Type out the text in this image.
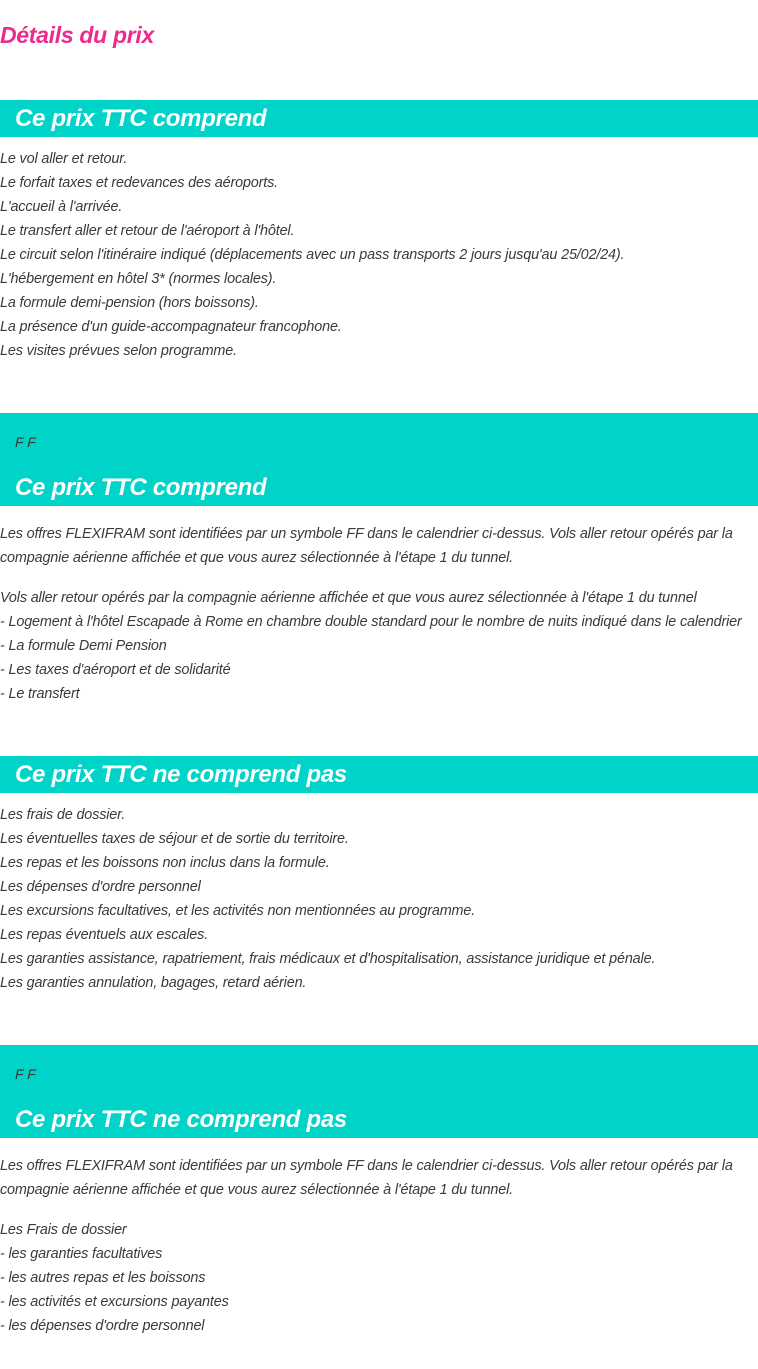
Détails du prix
Ce prix TTC comprend
Le vol aller et retour.
Le forfait taxes et redevances des aéroports.
L'accueil à l'arrivée.
Le transfert aller et retour de l'aéroport à l'hôtel.
Le circuit selon l'itinéraire indiqué (déplacements avec un pass transports 2 jours jusqu'au 25/02/24).
L'hébergement en hôtel 3* (normes locales).
La formule demi-pension (hors boissons).
La présence d'un guide-accompagnateur francophone.
Les visites prévues selon programme.
F F
Ce prix TTC comprend
Les offres FLEXIFRAM sont identifiées par un symbole FF dans le calendrier ci-dessus. Vols aller retour opérés par la compagnie aérienne affichée et que vous aurez sélectionnée à l'étape 1 du tunnel.
Vols aller retour opérés par la compagnie aérienne affichée et que vous aurez sélectionnée à l'étape 1 du tunnel
- Logement à l'hôtel Escapade à Rome en chambre double standard pour le nombre de nuits indiqué dans le calendrier
- La formule Demi Pension
- Les taxes d'aéroport et de solidarité
- Le transfert
Ce prix TTC ne comprend pas
Les frais de dossier.
Les éventuelles taxes de séjour et de sortie du territoire.
Les repas et les boissons non inclus dans la formule.
Les dépenses d'ordre personnel
Les excursions facultatives, et les activités non mentionnées au programme.
Les repas éventuels aux escales.
Les garanties assistance, rapatriement, frais médicaux et d'hospitalisation, assistance juridique et pénale.
Les garanties annulation, bagages, retard aérien.
F F
Ce prix TTC ne comprend pas
Les offres FLEXIFRAM sont identifiées par un symbole FF dans le calendrier ci-dessus. Vols aller retour opérés par la compagnie aérienne affichée et que vous aurez sélectionnée à l'étape 1 du tunnel.
Les Frais de dossier
- les garanties facultatives
- les autres repas et les boissons
- les activités et excursions payantes
- les dépenses d'ordre personnel
